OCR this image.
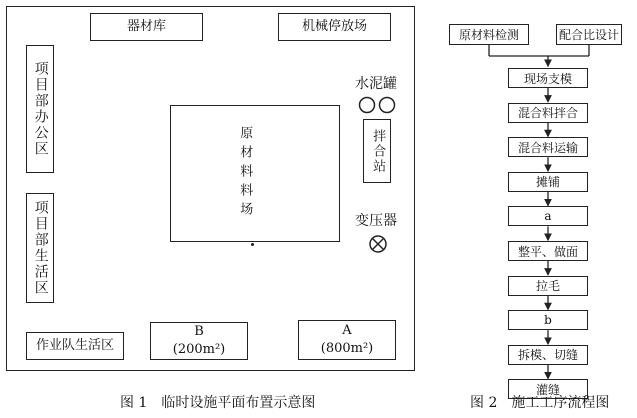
器材库	机械停放场
项目部办公区
项目部生活区
水泥罐
拌合站
原材料料场	变压器
作业队生活区
B
(200m²)
A
(800m²)
图 1　临时设施平面布置示意图
原材料检测	配合比设计
现场支模
混合料拌合
混合料运输
摊铺
a
整平、做面
拉毛
b
拆模、切缝
灌缝
图 2　施工工序流程图
